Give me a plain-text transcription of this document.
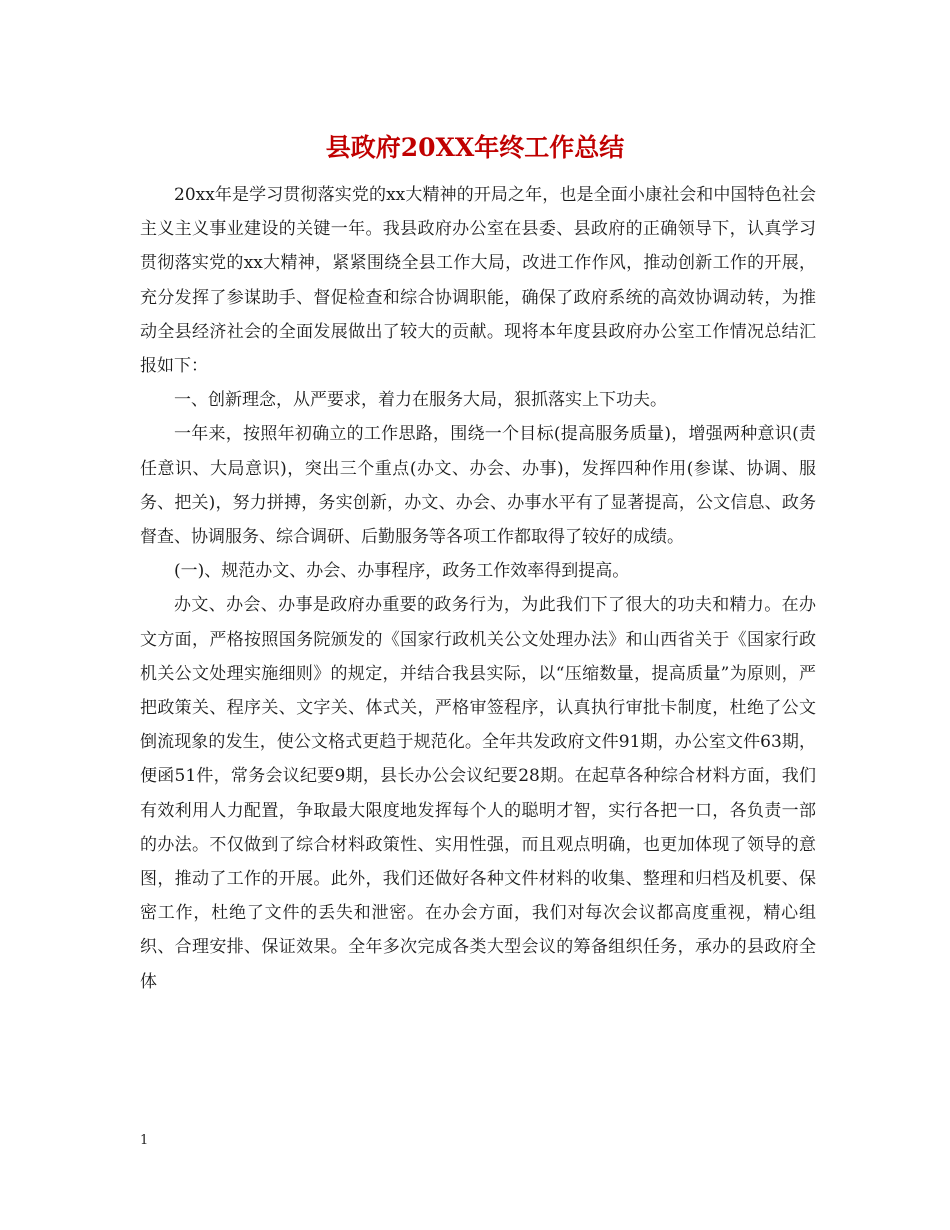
县政府20XX年终工作总结

20xx年是学习贯彻落实党的xx大精神的开局之年，也是全面小康社会和中国特色社会主义主义事业建设的关键一年。我县政府办公室在县委、县政府的正确领导下，认真学习贯彻落实党的xx大精神，紧紧围绕全县工作大局，改进工作作风，推动创新工作的开展，充分发挥了参谋助手、督促检查和综合协调职能，确保了政府系统的高效协调动转，为推动全县经济社会的全面发展做出了较大的贡献。现将本年度县政府办公室工作情况总结汇报如下：

一、创新理念，从严要求，着力在服务大局，狠抓落实上下功夫。

一年来，按照年初确立的工作思路，围绕一个目标(提高服务质量)，增强两种意识(责任意识、大局意识)，突出三个重点(办文、办会、办事)，发挥四种作用(参谋、协调、服务、把关)，努力拼搏，务实创新，办文、办会、办事水平有了显著提高，公文信息、政务督查、协调服务、综合调研、后勤服务等各项工作都取得了较好的成绩。

(一)、规范办文、办会、办事程序，政务工作效率得到提高。

办文、办会、办事是政府办重要的政务行为，为此我们下了很大的功夫和精力。在办文方面，严格按照国务院颁发的《国家行政机关公文处理办法》和山西省关于《国家行政机关公文处理实施细则》的规定，并结合我县实际，以“压缩数量，提高质量”为原则，严把政策关、程序关、文字关、体式关，严格审签程序，认真执行审批卡制度，杜绝了公文倒流现象的发生，使公文格式更趋于规范化。全年共发政府文件91期，办公室文件63期，便函51件，常务会议纪要9期，县长办公会议纪要28期。在起草各种综合材料方面，我们有效利用人力配置，争取最大限度地发挥每个人的聪明才智，实行各把一口，各负责一部的办法。不仅做到了综合材料政策性、实用性强，而且观点明确，也更加体现了领导的意图，推动了工作的开展。此外，我们还做好各种文件材料的收集、整理和归档及机要、保密工作，杜绝了文件的丢失和泄密。在办会方面，我们对每次会议都高度重视，精心组织、合理安排、保证效果。全年多次完成各类大型会议的筹备组织任务，承办的县政府全体

1
